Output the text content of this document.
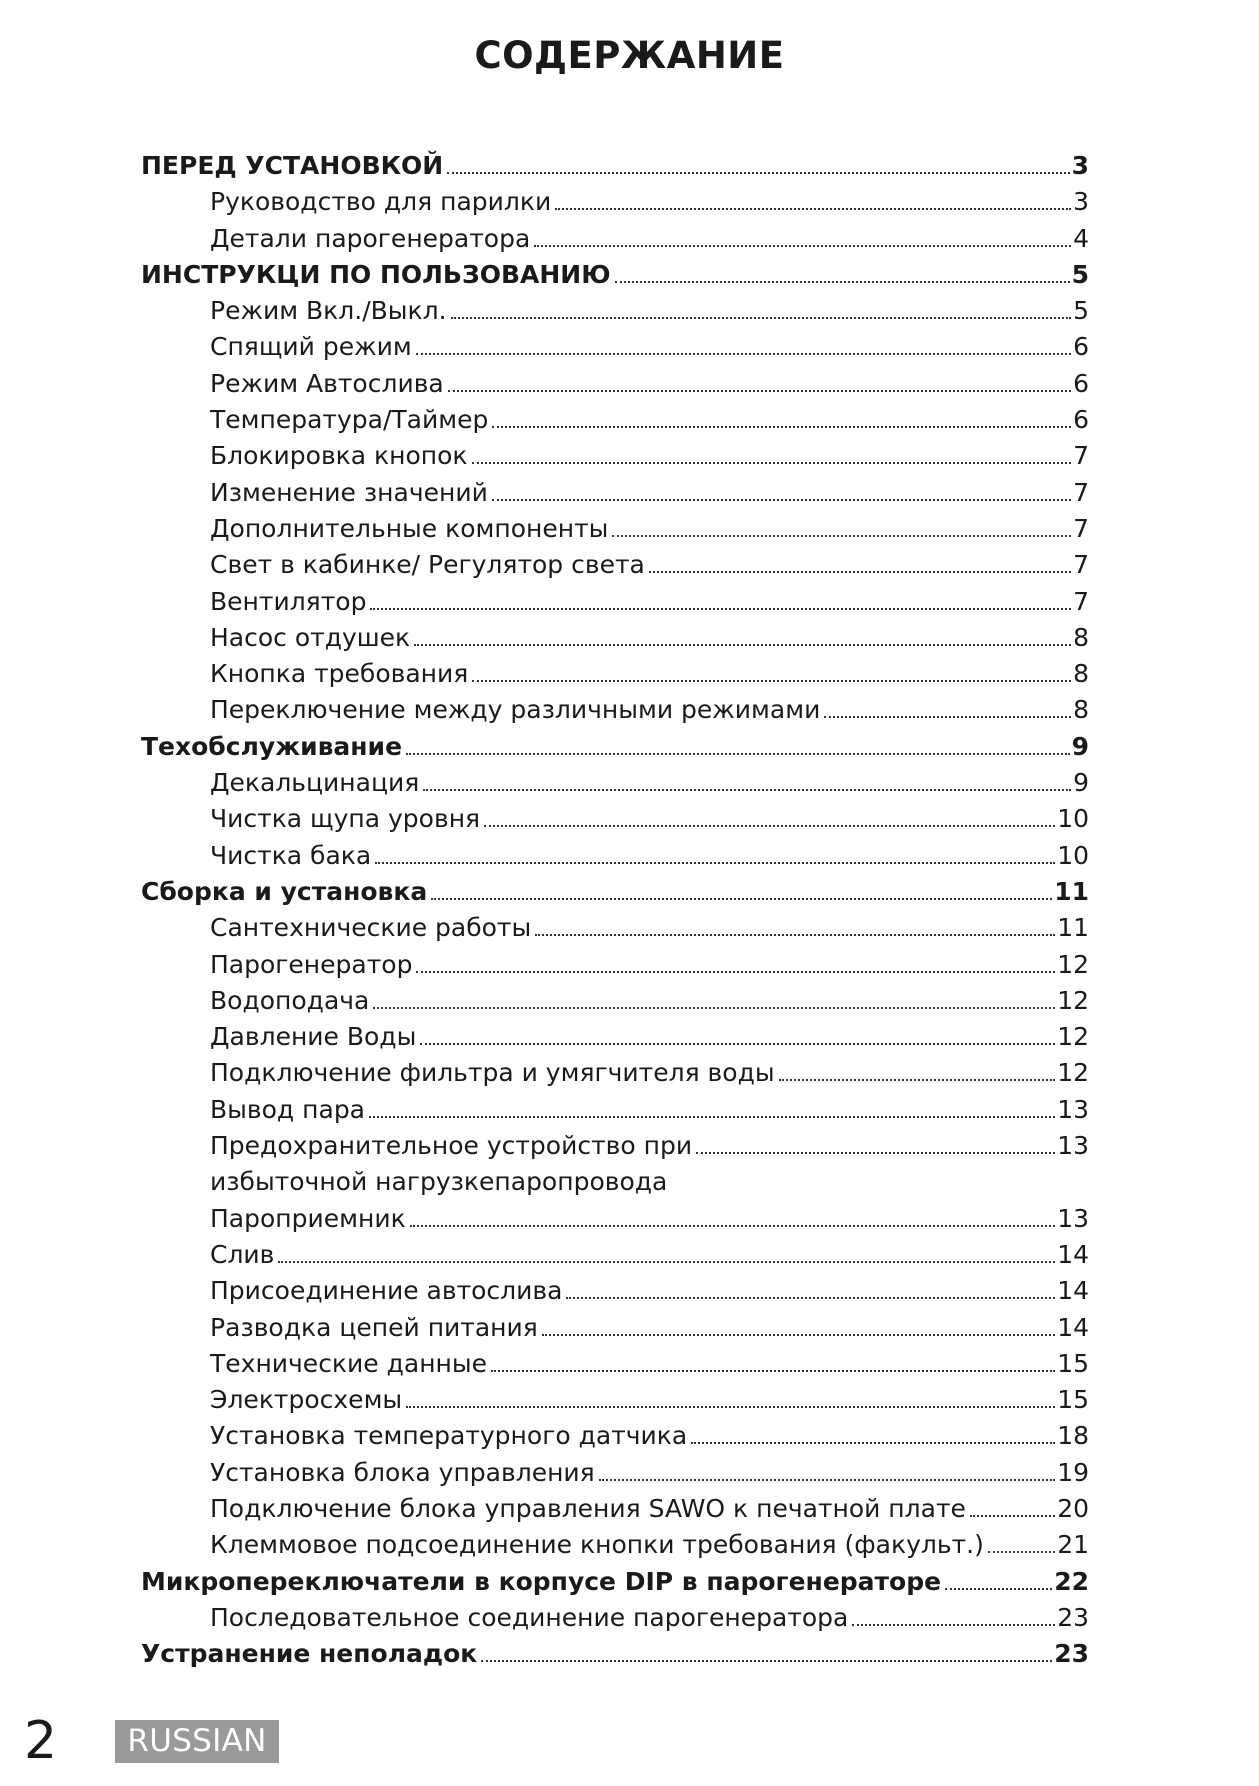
СОДЕРЖАНИЕ
ПЕРЕД УСТАНОВКОЙ	3
Руководство для парилки	3
Детали парогенератора	4
ИНСТРУКЦИ ПО ПОЛЬЗОВАНИЮ	5
Режим Вкл./Выкл.	5
Спящий режим	6
Режим Автослива	6
Температура/Таймер	6
Блокировка кнопок	7
Изменение значений	7
Дополнительные компоненты	7
Свет в кабинке/ Регулятор света	7
Вентилятор	7
Насос отдушек	8
Кнопка требования	8
Переключение между различными режимами	8
Техобслуживание	9
Декальцинация	9
Чистка щупа уровня	10
Чистка бака	10
Сборка и установка	11
Сантехнические работы	11
Парогенератор	12
Водоподача	12
Давление Воды	12
Подключение фильтра и умягчителя воды	12
Вывод пара	13
Предохранительное устройство при	13
избыточной нагрузкепаропровода
Пароприемник	13
Слив	14
Присоединение автослива	14
Разводка цепей питания	14
Технические данные	15
Электросхемы	15
Установка температурного датчика	18
Установка блока управления	19
Подключение блока управления SAWO к печатной плате	20
Клеммовое подсоединение кнопки требования (факульт.)	21
Микропереключатели в корпусе DIP в парогенераторе	22
Последовательное соединение парогенератора	23
Устранение неполадок	23
2	RUSSIAN
